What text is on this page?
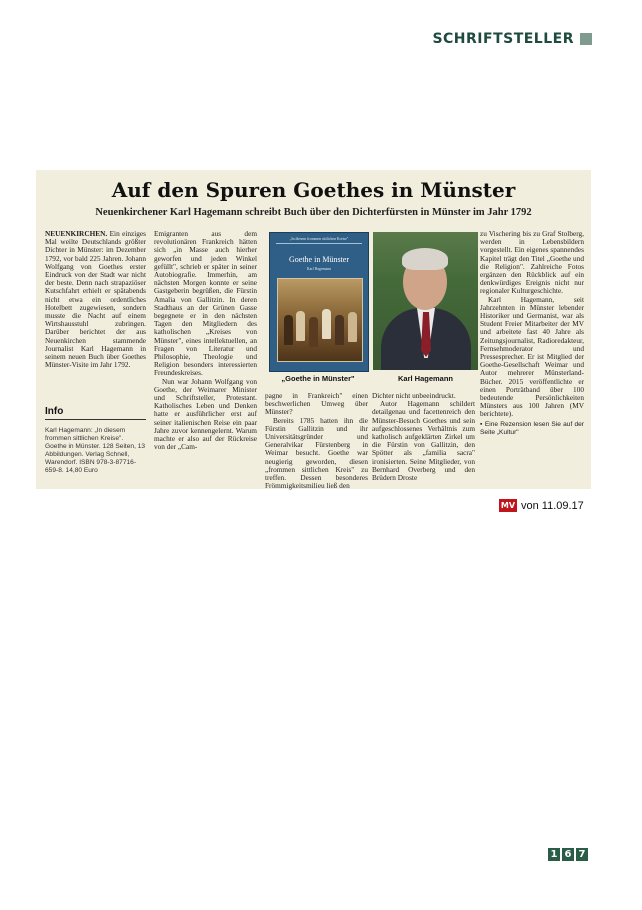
SCHRIFTSTELLER
Auf den Spuren Goethes in Münster
Neuenkirchener Karl Hagemann schreibt Buch über den Dichterfürsten in Münster im Jahr 1792

NEUENKIRCHEN. Ein einziges Mal weilte Deutschlands größter Dichter in Münster: im Dezember 1792, vor bald 225 Jahren. Johann Wolfgang von Goethes erster Eindruck von der Stadt war nicht der beste. Denn nach strapaziöser Kutschfahrt erhielt er spätabends nicht etwa ein ordentliches Hotelbett zugewiesen, sondern musste die Nacht auf einem Wirtshausstuhl zubringen. Darüber berichtet der aus Neuenkirchen stammende Journalist Karl Hagemann in seinem neuen Buch über Goethes Münster-Visite im Jahr 1792.

Info
Karl Hagemann: „In diesem frommen sittlichen Kreise". Goethe in Münster. 128 Seiten, 13 Abbildungen. Verlag Schnell, Warendorf. ISBN 978-3-87716-659-8. 14,80 Euro

Emigranten aus dem revolutionären Frankreich hätten sich „in Masse auch hierher geworfen und jeden Winkel gefüllt", schrieb er später in seiner Autobiografie. Immerhin, am nächsten Morgen konnte er seine Gastgeberin begrüßen, die Fürstin Amalia von Gallitzin. In deren Stadthaus an der Grünen Gasse begegnete er in den nächsten Tagen den Mitgliedern des katholischen „Kreises von Münster", eines intellektuellen, an Fragen von Literatur und Philosophie, Theologie und Religion besonders interessierten Freundeskreises.

Nun war Johann Wolfgang von Goethe, der Weimarer Minister und Schriftsteller, Protestant. Katholisches Leben und Denken hatte er ausführlicher erst auf seiner italienischen Reise ein paar Jahre zuvor kennengelernt. Warum machte er also auf der Rückreise von der „Cam-

„In diesem frommen sittlichen Kreise"
Goethe in Münster
Karl Hagemann
„Goethe in Münster"	Karl Hagemann

pagne in Frankreich" einen beschwerlichen Umweg über Münster?

Bereits 1785 hatten ihn die Fürstin Gallitzin und ihr Universitätsgründer und Generalvikar Fürstenberg in Weimar besucht. Goethe war neugierig geworden, diesen „frommen sittlichen Kreis" zu treffen. Dessen besonderes Frömmigkeitsmilieu ließ den

Dichter nicht unbeeindruckt.

Autor Hagemann schildert detailgenau und facettenreich den Münster-Besuch Goethes und sein aufgeschlossenes Verhältnis zum katholisch aufgeklärten Zirkel um die Fürstin von Gallitzin, den Spötter als „familia sacra" ironisierten. Seine Mitglieder, von Bernhard Overberg und den Brüdern Droste

zu Vischering bis zu Graf Stolberg, werden in Lebensbildern vorgestellt. Ein eigenes spannendes Kapitel trägt den Titel „Goethe und die Religion". Zahlreiche Fotos ergänzen den Rückblick auf ein denkwürdiges Ereignis nicht nur regionaler Kulturgeschichte.

Karl Hagemann, seit Jahrzehnten in Münster lebender Historiker und Germanist, war als Student Freier Mitarbeiter der MV und arbeitete fast 40 Jahre als Zeitungsjournalist, Radioredakteur, Fernsehmoderator und Pressesprecher. Er ist Mitglied der Goethe-Gesellschaft Weimar und Autor mehrerer Münsterland-Bücher. 2015 veröffentlichte er einen Porträtband über 100 bedeutende Persönlichkeiten Münsters aus 100 Jahren (MV berichtete).

▪ Eine Rezension lesen Sie auf der Seite „Kultur"

MV von 11.09.17
1 6 7
